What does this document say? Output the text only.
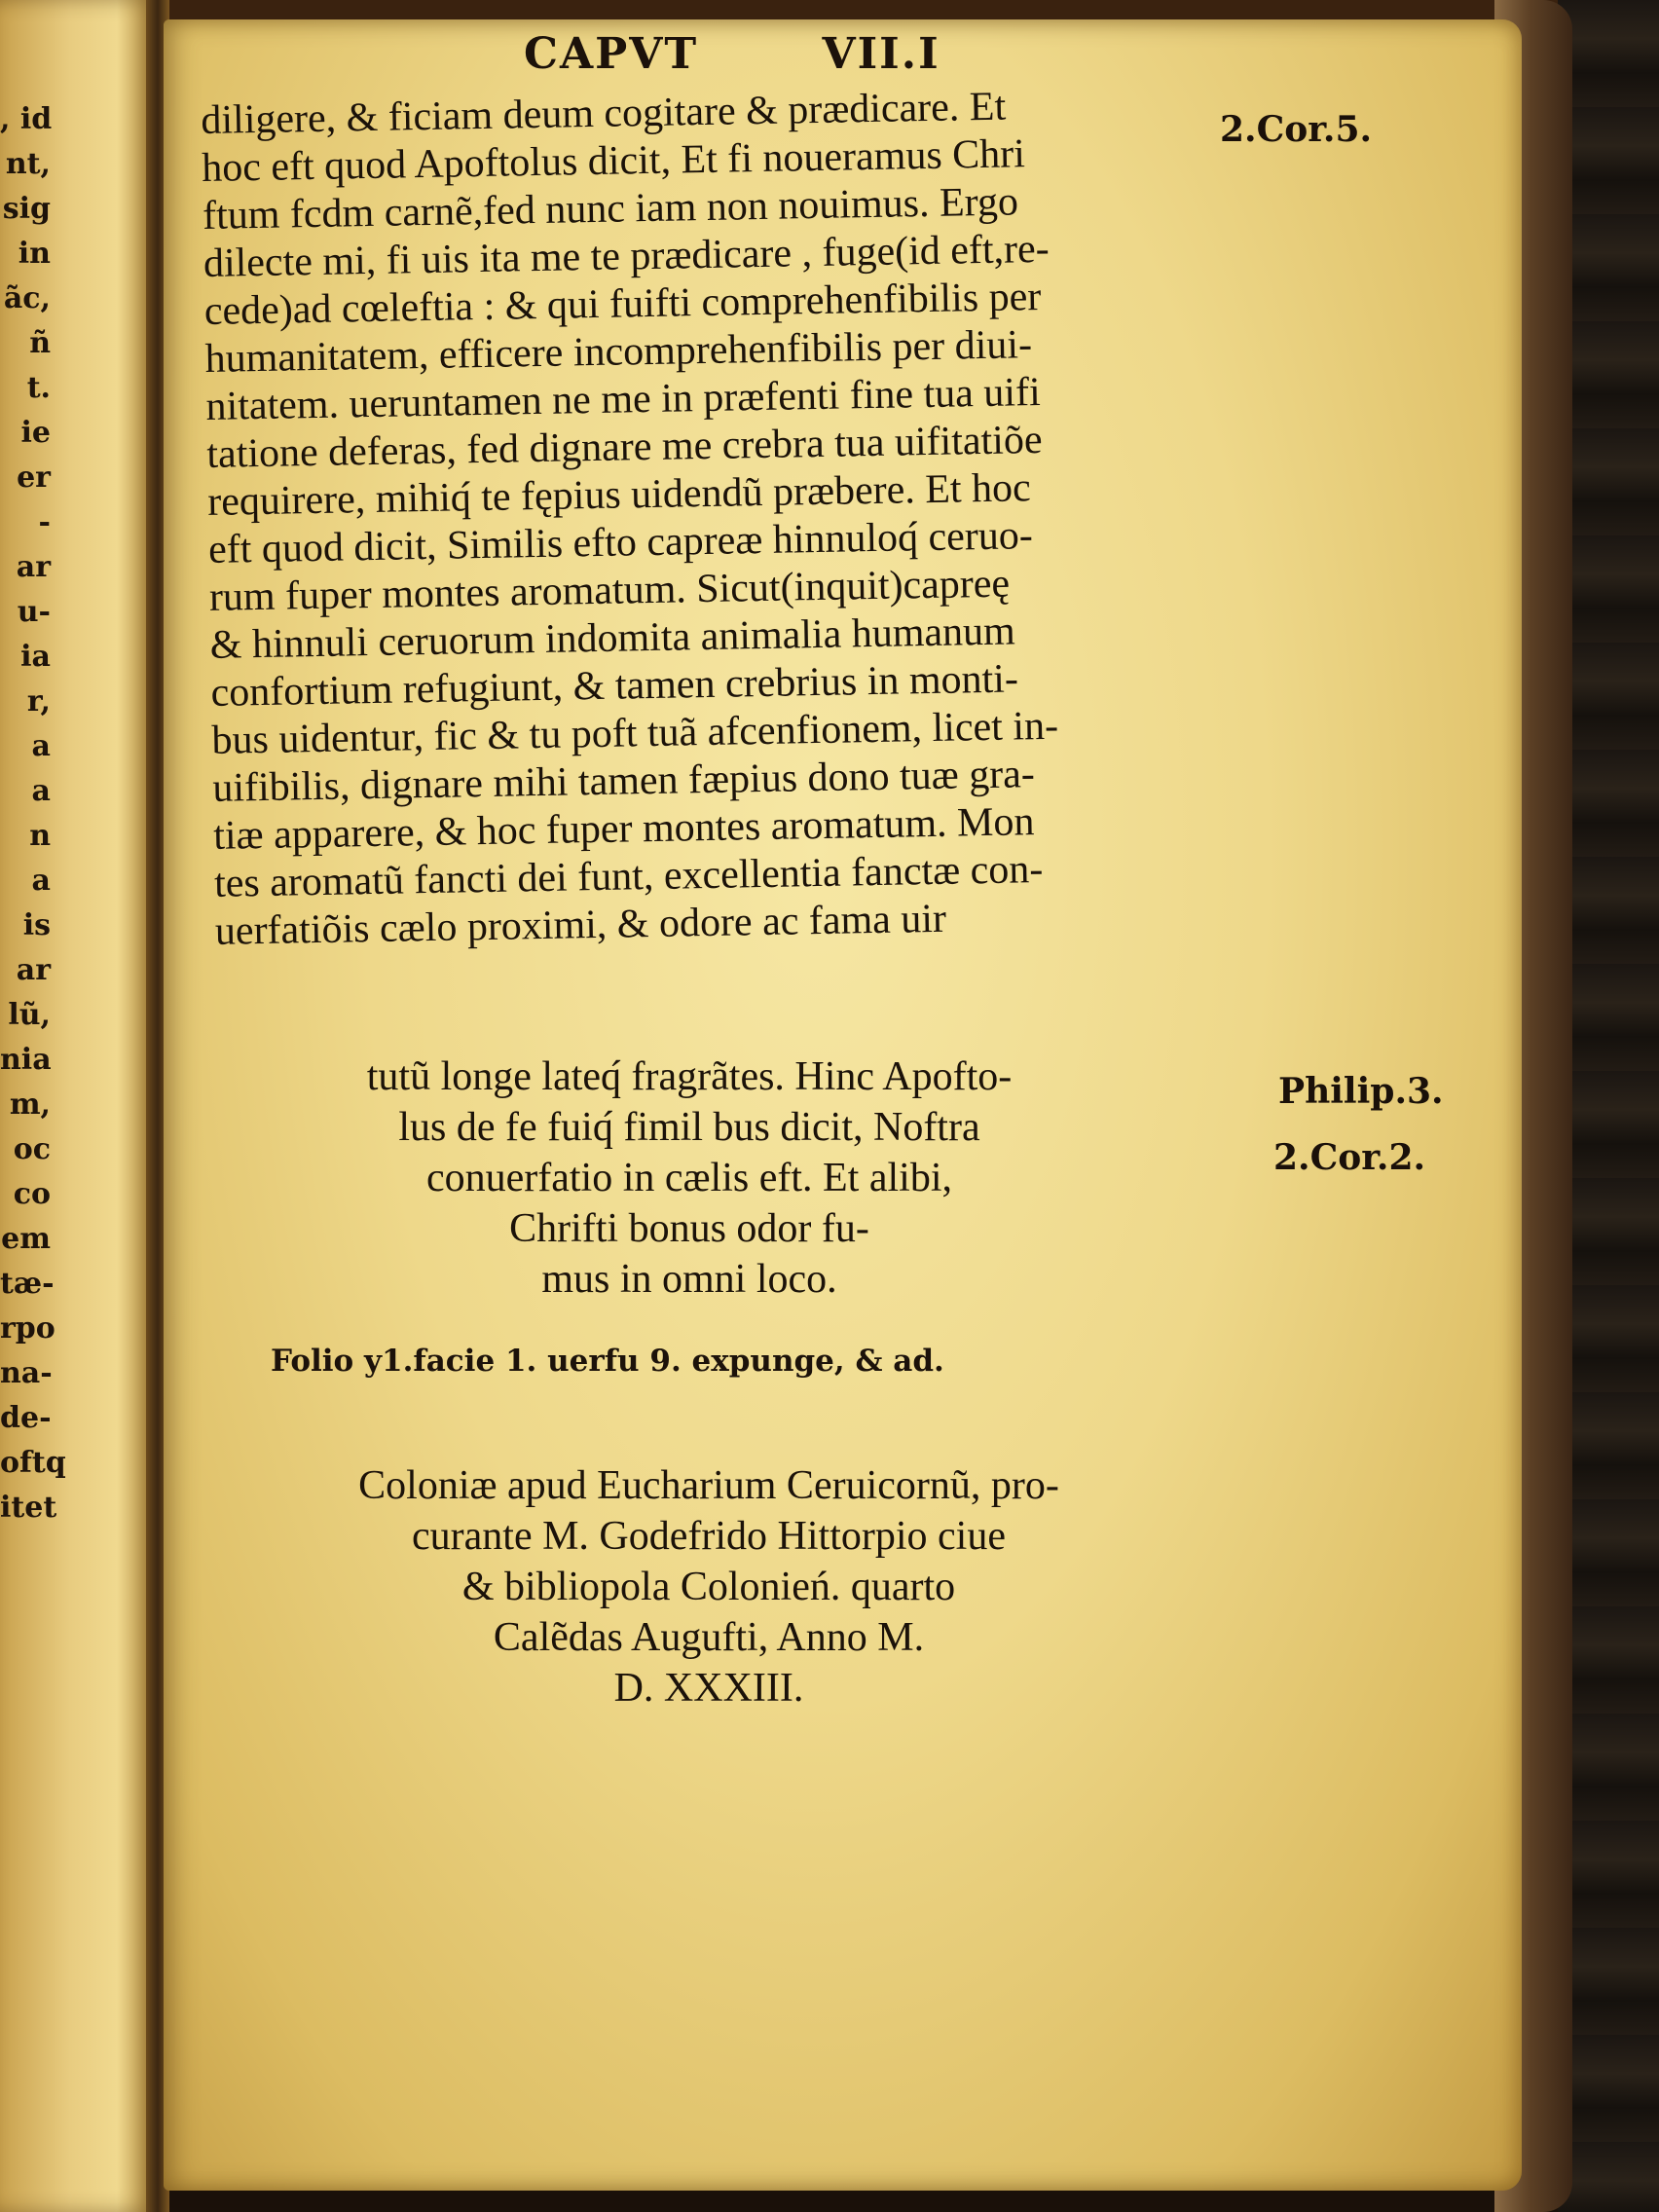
, id
nt,
sig
in
ãc,
ñ
t.
ie
er
-
ar
u-
ia
r,
a
a
n
a
is
ar
lũ,
nia
m,
oc
co
em
tæ-
rpo
na-
de-
oftq
itet
CAPVT	VII.I
diligere, & ficiam deum cogitare & prædicare. Et
hoc eft quod Apoftolus dicit, Et fi noueramus Chri
ftum fcdm carnẽ,fed nunc iam non nouimus. Ergo
dilecte mi, fi uis ita me te prædicare , fuge(id eft,re-
cede)ad cœleftia : & qui fuifti comprehenfibilis per
humanitatem, efficere incomprehenfibilis per diui-
nitatem. ueruntamen ne me in præfenti fine tua uifi
tatione deferas, fed dignare me crebra tua uifitatiõe
requirere, mihiq́ te fępius uidendũ præbere. Et hoc
eft quod dicit, Similis efto capreæ hinnuloq́ ceruo-
rum fuper montes aromatum. Sicut(inquit)capreę
& hinnuli ceruorum indomita animalia humanum
confortium refugiunt, & tamen crebrius in monti-
bus uidentur, fic & tu poft tuã afcenfionem, licet in-
uifibilis, dignare mihi tamen fæpius dono tuæ gra-
tiæ apparere, & hoc fuper montes aromatum. Mon
tes aromatũ fancti dei funt, excellentia fanctæ con-
uerfatiõis cælo proximi, & odore ac fama uir
tutũ longe lateq́ fragrãtes. Hinc Apofto-
lus de fe fuiq́ fimil bus dicit, Noftra
conuerfatio in cælis eft. Et alibi,
Chrifti bonus odor fu-
mus in omni loco.
2.Cor.5.
Philip.3.
2.Cor.2.
Folio y1.facie 1. uerfu 9. expunge, & ad.
Coloniæ apud Eucharium Ceruicornũ, pro-
curante M. Godefrido Hittorpio ciue
& bibliopola Colonień. quarto
Calẽdas Augufti, Anno M.
D. XXXIII.
